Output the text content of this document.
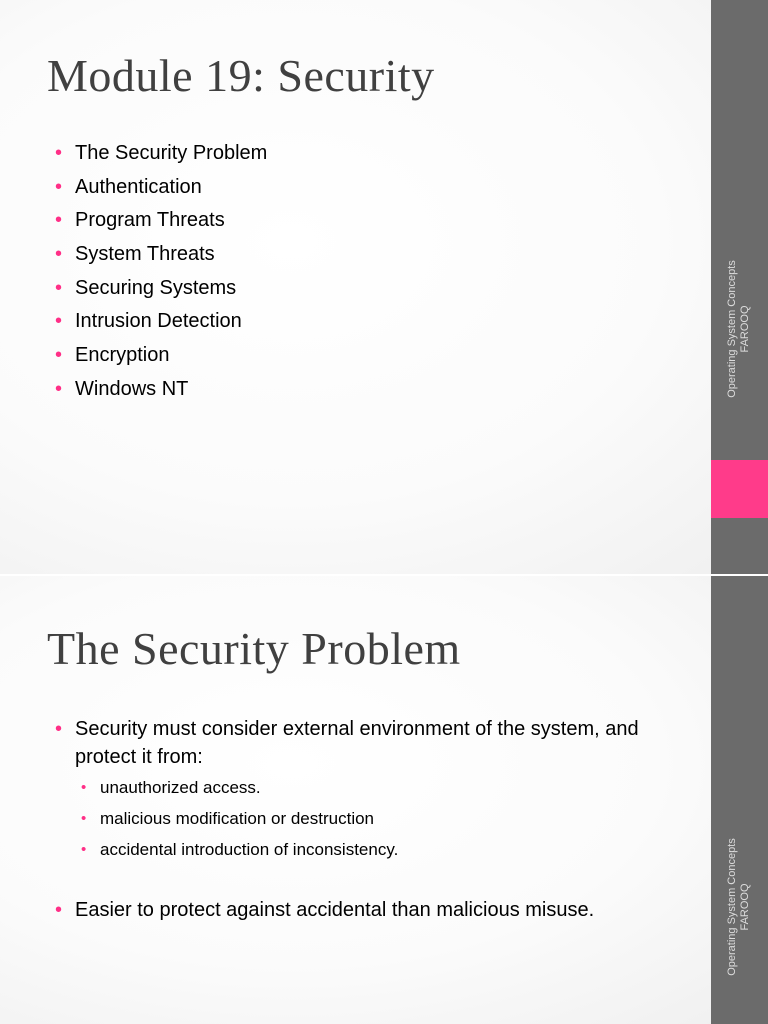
Module 19: Security
• The Security Problem
• Authentication
• Program Threats
• System Threats
• Securing Systems
• Intrusion Detection
• Encryption
• Windows NT	Operating System Concepts FAROOQ
The Security Problem
• Security must consider external environment of the system, and protect it from:
• unauthorized access.
• malicious modification or destruction
• accidental introduction of inconsistency.
• Easier to protect against accidental than malicious misuse.	Operating System Concepts FAROOQ
